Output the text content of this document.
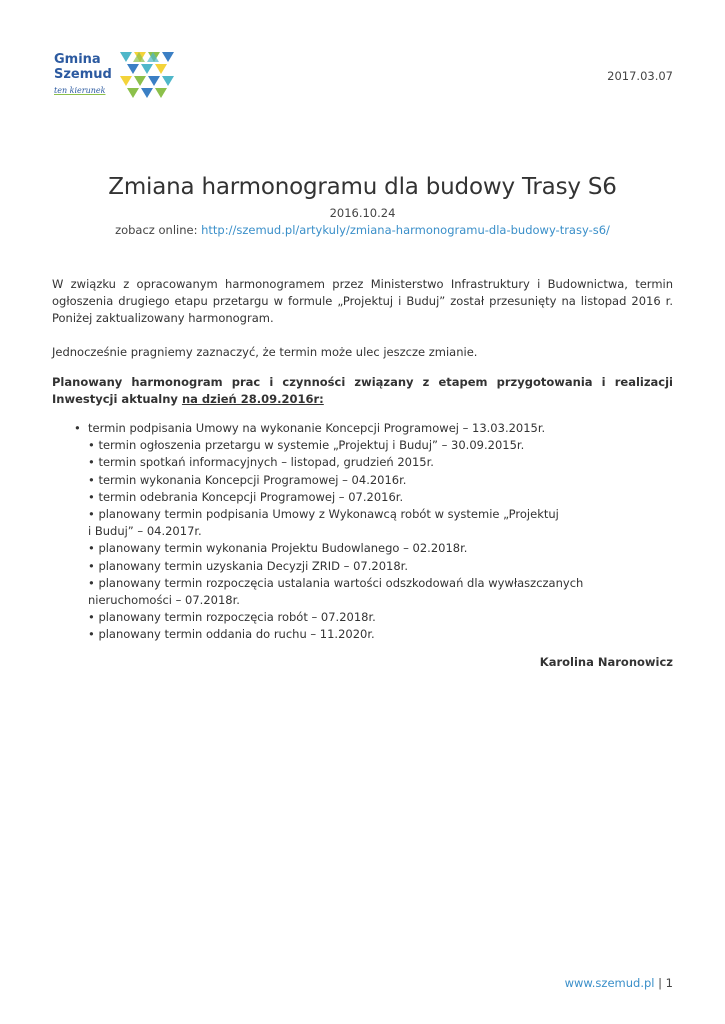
Gmina
Szemud
ten kierunek
2017.03.07
Zmiana harmonogramu dla budowy Trasy S6
2016.10.24
zobacz online: http://szemud.pl/artykuly/zmiana-harmonogramu-dla-budowy-trasy-s6/

W związku z opracowanym harmonogramem przez Ministerstwo Infrastruktury i Budownictwa, termin ogłoszenia drugiego etapu przetargu w formule „Projektuj i Buduj” został przesunięty na listopad 2016 r. Poniżej zaktualizowany harmonogram.

Jednocześnie pragniemy zaznaczyć, że termin może ulec jeszcze zmianie.

Planowany harmonogram prac i czynności związany z etapem przygotowania i realizacji Inwestycji aktualny na dzień 28.09.2016r:

• termin podpisania Umowy na wykonanie Koncepcji Programowej – 13.03.2015r.
• termin ogłoszenia przetargu w systemie „Projektuj i Buduj” – 30.09.2015r.
• termin spotkań informacyjnych – listopad, grudzień 2015r.
• termin wykonania Koncepcji Programowej – 04.2016r.
• termin odebrania Koncepcji Programowej – 07.2016r.
• planowany termin podpisania Umowy z Wykonawcą robót w systemie „Projektuj
i Buduj” – 04.2017r.
• planowany termin wykonania Projektu Budowlanego – 02.2018r.
• planowany termin uzyskania Decyzji ZRID – 07.2018r.
• planowany termin rozpoczęcia ustalania wartości odszkodowań dla wywłaszczanych
nieruchomości – 07.2018r.
• planowany termin rozpoczęcia robót – 07.2018r.
• planowany termin oddania do ruchu – 11.2020r.
Karolina Naronowicz
www.szemud.pl | 1
